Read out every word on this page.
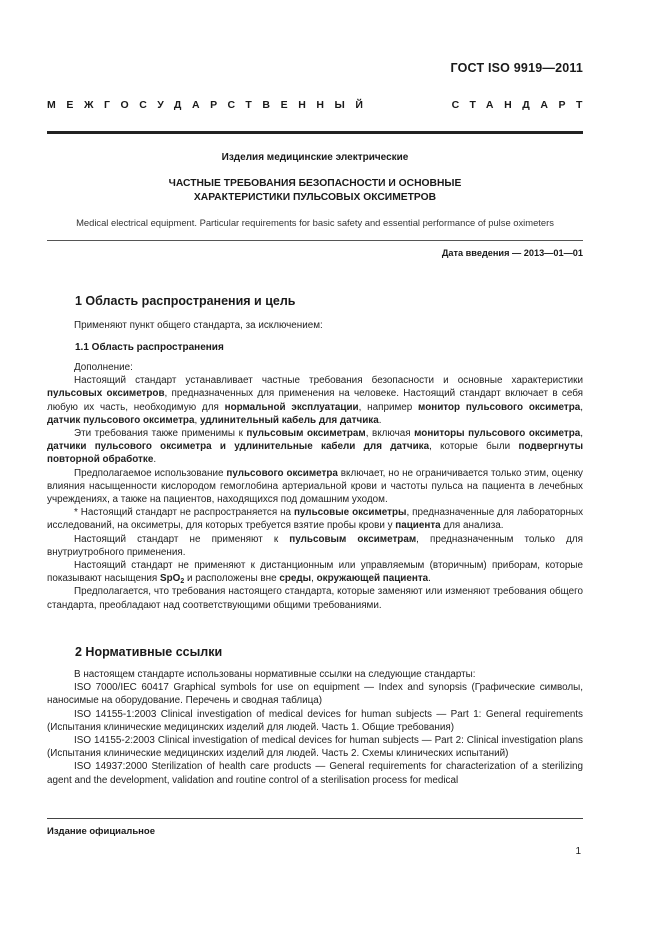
ГОСТ ISO 9919—2011
МЕЖГОСУДАРСТВЕННЫЙ	СТАНДАРТ
Изделия медицинские электрические
ЧАСТНЫЕ ТРЕБОВАНИЯ БЕЗОПАСНОСТИ И ОСНОВНЫЕ
ХАРАКТЕРИСТИКИ ПУЛЬСОВЫХ ОКСИМЕТРОВ
Medical electrical equipment. Particular requirements for basic safety and essential performance of pulse oximeters
Дата введения — 2013—01—01
1 Область распространения и цель

Применяют пункт общего стандарта, за исключением:

1.1 Область распространения

Дополнение:

Настоящий стандарт устанавливает частные требования безопасности и основные характеристики пульсовых оксиметров, предназначенных для применения на человеке. Настоящий стандарт включает в себя любую их часть, необходимую для нормальной эксплуатации, например монитор пульсового оксиметра, датчик пульсового оксиметра, удлинительный кабель для датчика.

Эти требования также применимы к пульсовым оксиметрам, включая мониторы пульсового оксиметра, датчики пульсового оксиметра и удлинительные кабели для датчика, которые были подвергнуты повторной обработке.

Предполагаемое использование пульсового оксиметра включает, но не ограничивается только этим, оценку влияния насыщенности кислородом гемоглобина артериальной крови и частоты пульса на пациента в лечебных учреждениях, а также на пациентов, находящихся под домашним уходом.

* Настоящий стандарт не распространяется на пульсовые оксиметры, предназначенные для лабораторных исследований, на оксиметры, для которых требуется взятие пробы крови у пациента для анализа.

Настоящий стандарт не применяют к пульсовым оксиметрам, предназначенным только для внутриутробного применения.

Настоящий стандарт не применяют к дистанционным или управляемым (вторичным) приборам, которые показывают насыщения SpO$_2$ и расположены вне среды, окружающей пациента.

Предполагается, что требования настоящего стандарта, которые заменяют или изменяют требования общего стандарта, преобладают над соответствующими общими требованиями.

2 Нормативные ссылки

В настоящем стандарте использованы нормативные ссылки на следующие стандарты:

ISO 7000/IEC 60417 Graphical symbols for use on equipment — Index and synopsis (Графические символы, наносимые на оборудование. Перечень и сводная таблица)

ISO 14155-1:2003 Clinical investigation of medical devices for human subjects — Part 1: General requirements (Испытания клинические медицинских изделий для людей. Часть 1. Общие требования)

ISO 14155-2:2003 Clinical investigation of medical devices for human subjects — Part 2: Clinical investigation plans (Испытания клинические медицинских изделий для людей. Часть 2. Схемы клинических испытаний)

ISO 14937:2000 Sterilization of health care products — General requirements for characterization of a sterilizing agent and the development, validation and routine control of a sterilisation process for medical

Издание официальное
1
